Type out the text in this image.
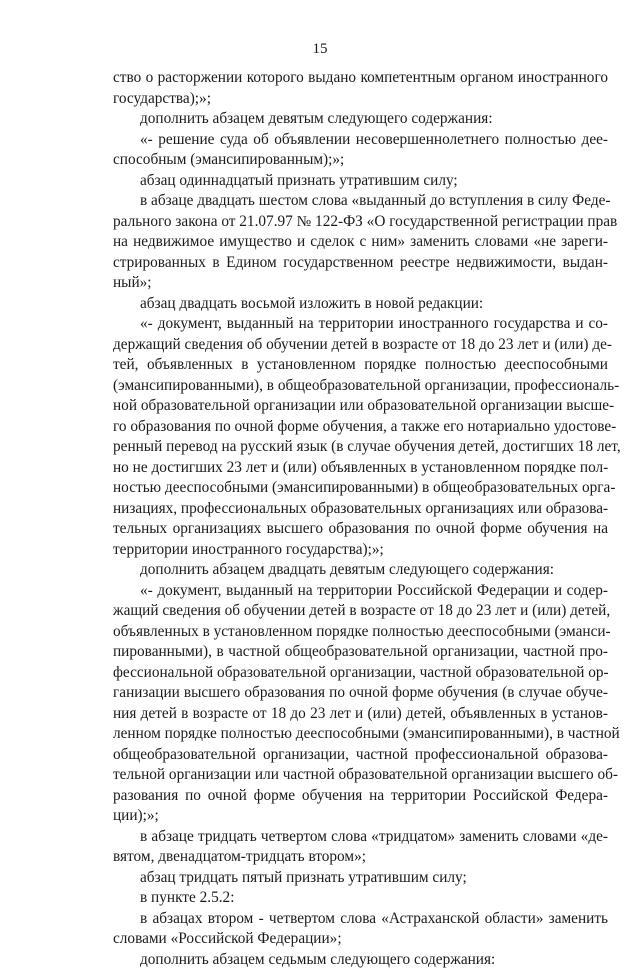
15
ство о расторжении которого выдано компетентным органом иностранного
государства);»;
дополнить абзацем девятым следующего содержания:
«- решение суда об объявлении несовершеннолетнего полностью дее-
способным (эмансипированным);»;
абзац одиннадцатый признать утратившим силу;
в абзаце двадцать шестом слова «выданный до вступления в силу Феде-
рального закона от 21.07.97 № 122-ФЗ «О государственной регистрации прав
на недвижимое имущество и сделок с ним» заменить словами «не зареги-
стрированных в Едином государственном реестре недвижимости, выдан-
ный»;
абзац двадцать восьмой изложить в новой редакции:
«- документ, выданный на территории иностранного государства и со-
держащий сведения об обучении детей в возрасте от 18 до 23 лет и (или) де-
тей, объявленных в установленном порядке полностью дееспособными
(эмансипированными), в общеобразовательной организации, профессиональ-
ной образовательной организации или образовательной организации высше-
го образования по очной форме обучения, а также его нотариально удостове-
ренный перевод на русский язык (в случае обучения детей, достигших 18 лет,
но не достигших 23 лет и (или) объявленных в установленном порядке пол-
ностью дееспособными (эмансипированными) в общеобразовательных орга-
низациях, профессиональных образовательных организациях или образова-
тельных организациях высшего образования по очной форме обучения на
территории иностранного государства);»;
дополнить абзацем двадцать девятым следующего содержания:
«- документ, выданный на территории Российской Федерации и содер-
жащий сведения об обучении детей в возрасте от 18 до 23 лет и (или) детей,
объявленных в установленном порядке полностью дееспособными (эманси-
пированными), в частной общеобразовательной организации, частной про-
фессиональной образовательной организации, частной образовательной ор-
ганизации высшего образования по очной форме обучения (в случае обуче-
ния детей в возрасте от 18 до 23 лет и (или) детей, объявленных в установ-
ленном порядке полностью дееспособными (эмансипированными), в частной
общеобразовательной организации, частной профессиональной образова-
тельной организации или частной образовательной организации высшего об-
разования по очной форме обучения на территории Российской Федера-
ции);»;
в абзаце тридцать четвертом слова «тридцатом» заменить словами «де-
вятом, двенадцатом-тридцать втором»;
абзац тридцать пятый признать утратившим силу;
в пункте 2.5.2:
в абзацах втором - четвертом слова «Астраханской области» заменить
словами «Российской Федерации»;
дополнить абзацем седьмым следующего содержания:
